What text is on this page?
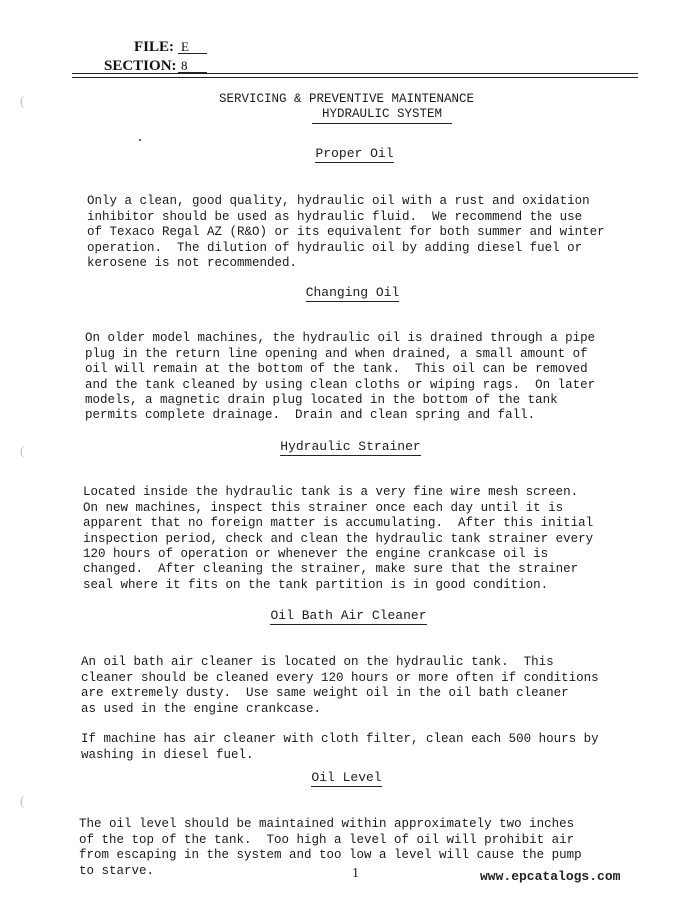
FILE: E
SECTION: 8
(
(
(
SERVICING & PREVENTIVE MAINTENANCE
HYDRAULIC SYSTEM
Proper Oil

Only a clean, good quality, hydraulic oil with a rust and oxidation
inhibitor should be used as hydraulic fluid.  We recommend the use
of Texaco Regal AZ (R&O) or its equivalent for both summer and winter
operation.  The dilution of hydraulic oil by adding diesel fuel or
kerosene is not recommended.

Changing Oil

On older model machines, the hydraulic oil is drained through a pipe
plug in the return line opening and when drained, a small amount of
oil will remain at the bottom of the tank.  This oil can be removed
and the tank cleaned by using clean cloths or wiping rags.  On later
models, a magnetic drain plug located in the bottom of the tank
permits complete drainage.  Drain and clean spring and fall.

Hydraulic Strainer

Located inside the hydraulic tank is a very fine wire mesh screen.
On new machines, inspect this strainer once each day until it is
apparent that no foreign matter is accumulating.  After this initial
inspection period, check and clean the hydraulic tank strainer every
120 hours of operation or whenever the engine crankcase oil is
changed.  After cleaning the strainer, make sure that the strainer
seal where it fits on the tank partition is in good condition.

Oil Bath Air Cleaner

An oil bath air cleaner is located on the hydraulic tank.  This
cleaner should be cleaned every 120 hours or more often if conditions
are extremely dusty.  Use same weight oil in the oil bath cleaner
as used in the engine crankcase.

If machine has air cleaner with cloth filter, clean each 500 hours by
washing in diesel fuel.

Oil Level

The oil level should be maintained within approximately two inches
of the top of the tank.  Too high a level of oil will prohibit air
from escaping in the system and too low a level will cause the pump
to starve.

	1	www.epcatalogs.com
